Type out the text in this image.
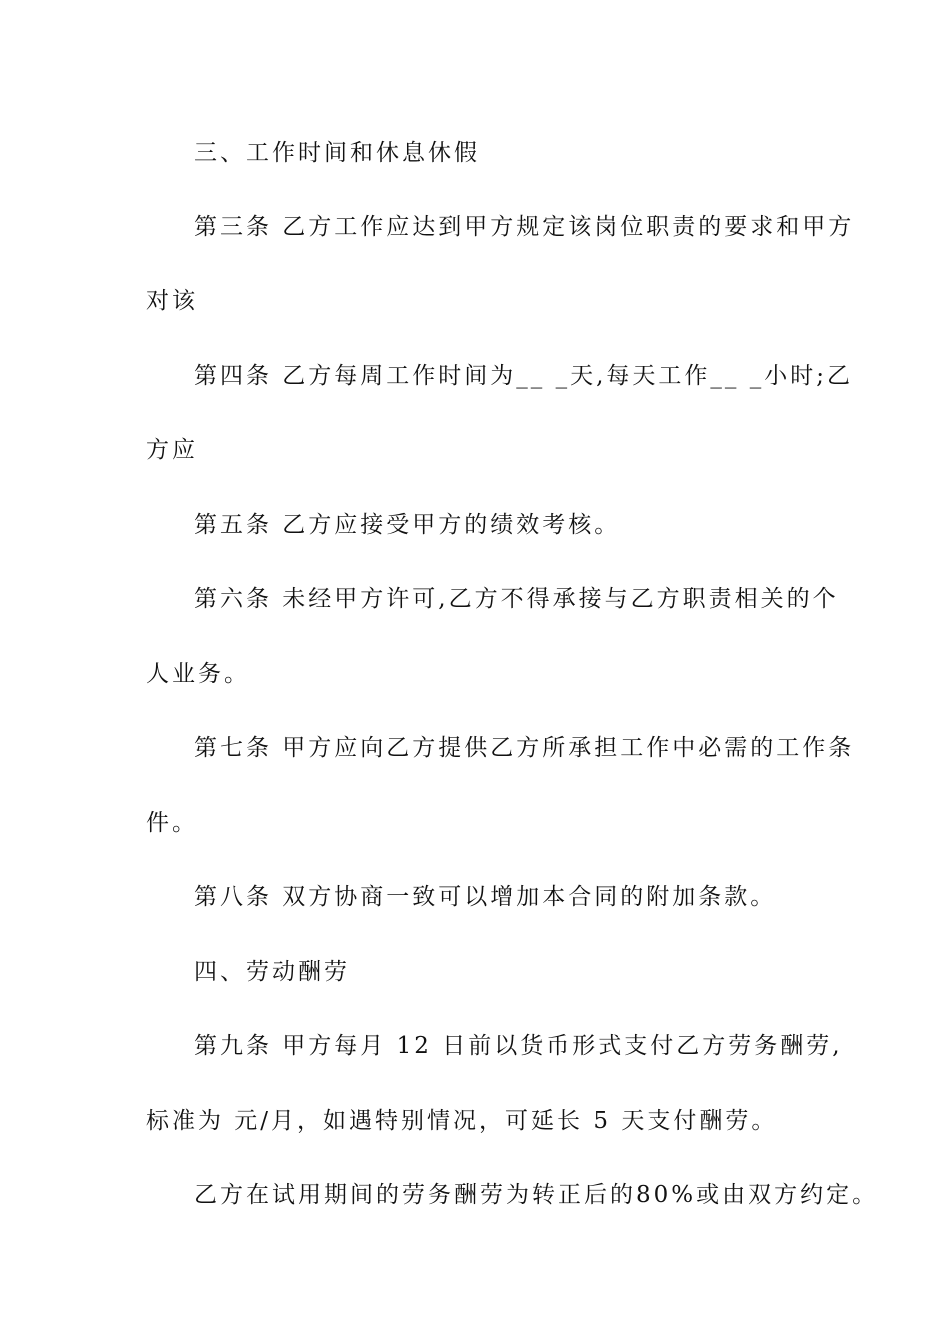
三、工作时间和休息休假

第三条 乙方工作应达到甲方规定该岗位职责的要求和甲方

对该

第四条 乙方每周工作时间为__ _天,每天工作__ _小时;乙

方应

第五条 乙方应接受甲方的绩效考核。

第六条 未经甲方许可,乙方不得承接与乙方职责相关的个

人业务。

第七条 甲方应向乙方提供乙方所承担工作中必需的工作条

件。

第八条 双方协商一致可以增加本合同的附加条款。

四、劳动酬劳

第九条 甲方每月 12 日前以货币形式支付乙方劳务酬劳,

标准为 元/月，如遇特别情况，可延长 5 天支付酬劳。

乙方在试用期间的劳务酬劳为转正后的80%或由双方约定。
